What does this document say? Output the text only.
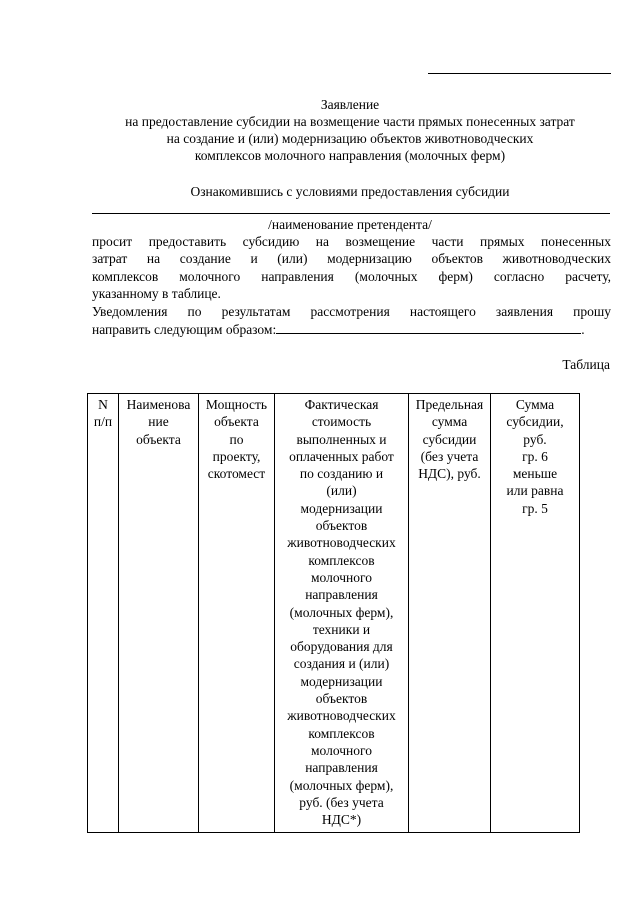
Заявление
на предоставление субсидии на возмещение части прямых понесенных затрат
на создание и (или) модернизацию объектов животноводческих
комплексов молочного направления (молочных ферм)
Ознакомившись с условиями предоставления субсидии
/наименование претендента/
просит предоставить субсидию на возмещение части прямых понесенных
затрат на создание и (или) модернизацию объектов животноводческих
комплексов молочного направления (молочных ферм) согласно расчету,
указанному в таблице.
Уведомления по результатам рассмотрения настоящего заявления прошу
направить следующим образом:	.
Таблица
N
п/п

Наименова
ние
объекта

Мощность
объекта
по
проекту,
скотомест

Фактическая
стоимость
выполненных и
оплаченных работ
по созданию и
(или)
модернизации
объектов
животноводческих
комплексов
молочного
направления
(молочных ферм),
техники и
оборудования для
создания и (или)
модернизации
объектов
животноводческих
комплексов
молочного
направления
(молочных ферм),
руб. (без учета
НДС*)

Предельная
сумма
субсидии
(без учета
НДС), руб.

Сумма
субсидии,
руб.
гр. 6
меньше
или равна
гр. 5
